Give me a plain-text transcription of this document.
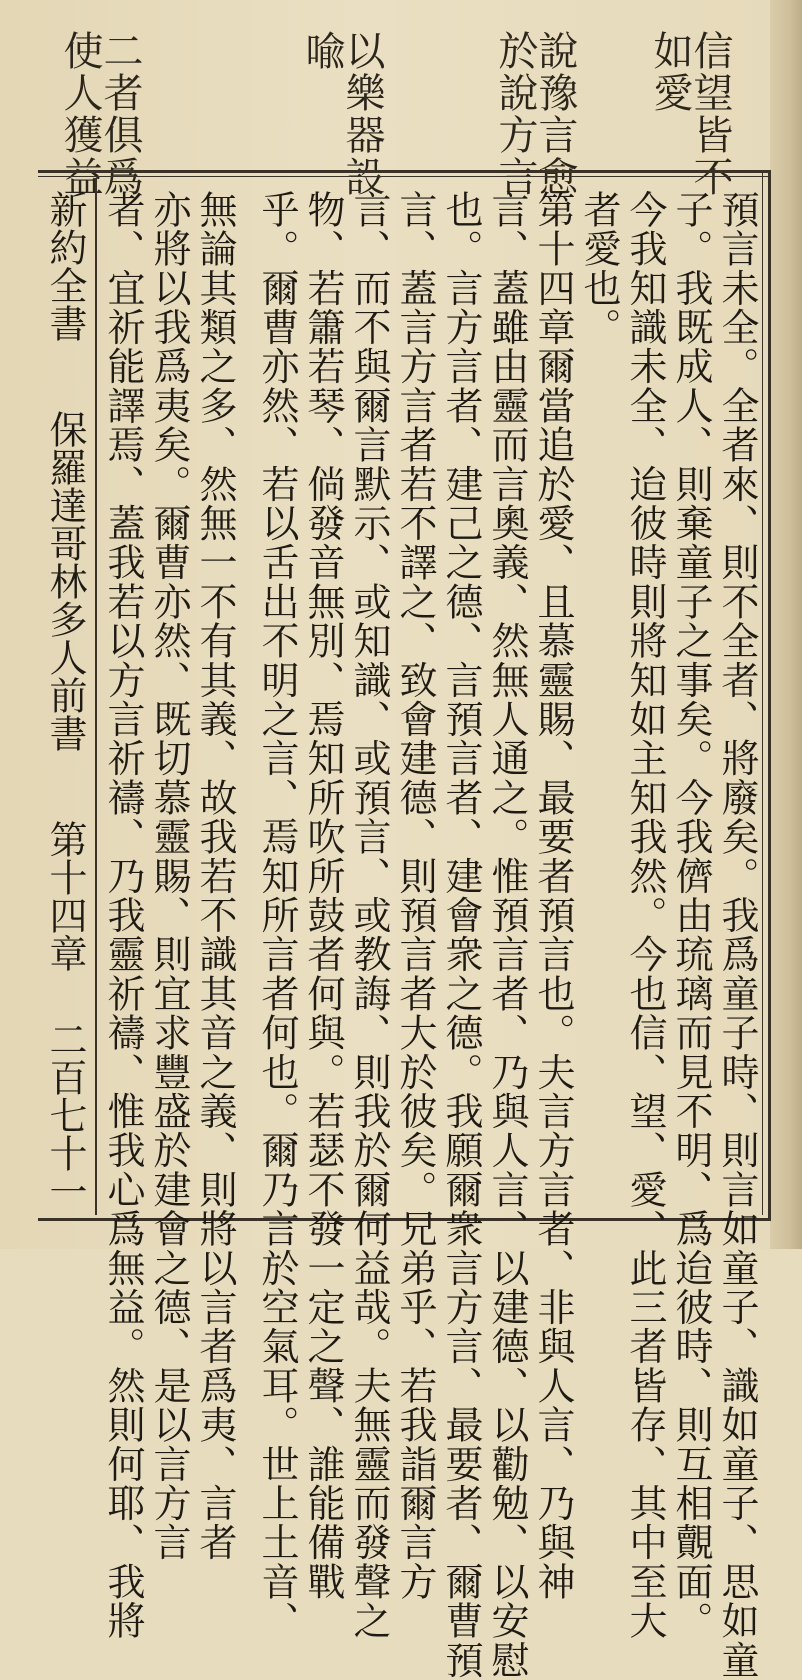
信望皆不
如愛
說豫言愈
於說方言
以樂器設
喩
二者俱爲
使人獲益
預言未全。全者來、則不全者、將廢矣。我爲童子時、則言如童子、識如童子、思如童
子。我既成人、則棄童子之事矣。今我儕由琉璃而見不明、爲迨彼時、則互相覿面。
今我知識未全、迨彼時則將知如主知我然。今也信、望、愛、此三者皆存、其中至大
者愛也。
第十四章爾當追於愛、且慕靈賜、最要者預言也。夫言方言者、非與人言、乃與神
言、蓋雖由靈而言奧義、然無人通之。惟預言者、乃與人言、以建德、以勸勉、以安慰
也。言方言者、建己之德、言預言者、建會衆之德。我願爾衆言方言、最要者、爾曹預
言、蓋言方言者若不譯之、致會建德、則預言者大於彼矣。兄弟乎、若我詣爾言方
言、而不與爾言默示、或知識、或預言、或教誨、則我於爾何益哉。夫無靈而發聲之
物、若簫若琴、倘發音無別、焉知所吹所鼓者何與。若瑟不發一定之聲、誰能備戰
乎。爾曹亦然、若以舌出不明之言、焉知所言者何也。爾乃言於空氣耳。世上土音、
無論其類之多、然無一不有其義、故我若不識其音之義、則將以言者爲夷、言者
亦將以我爲夷矣。爾曹亦然、既切慕靈賜、則宜求豐盛於建會之德、是以言方言
者、宜祈能譯焉、蓋我若以方言祈禱、乃我靈祈禱、惟我心爲無益。然則何耶、我將
新約全書
保羅達哥林多人前書
第十四章
二百七十一
